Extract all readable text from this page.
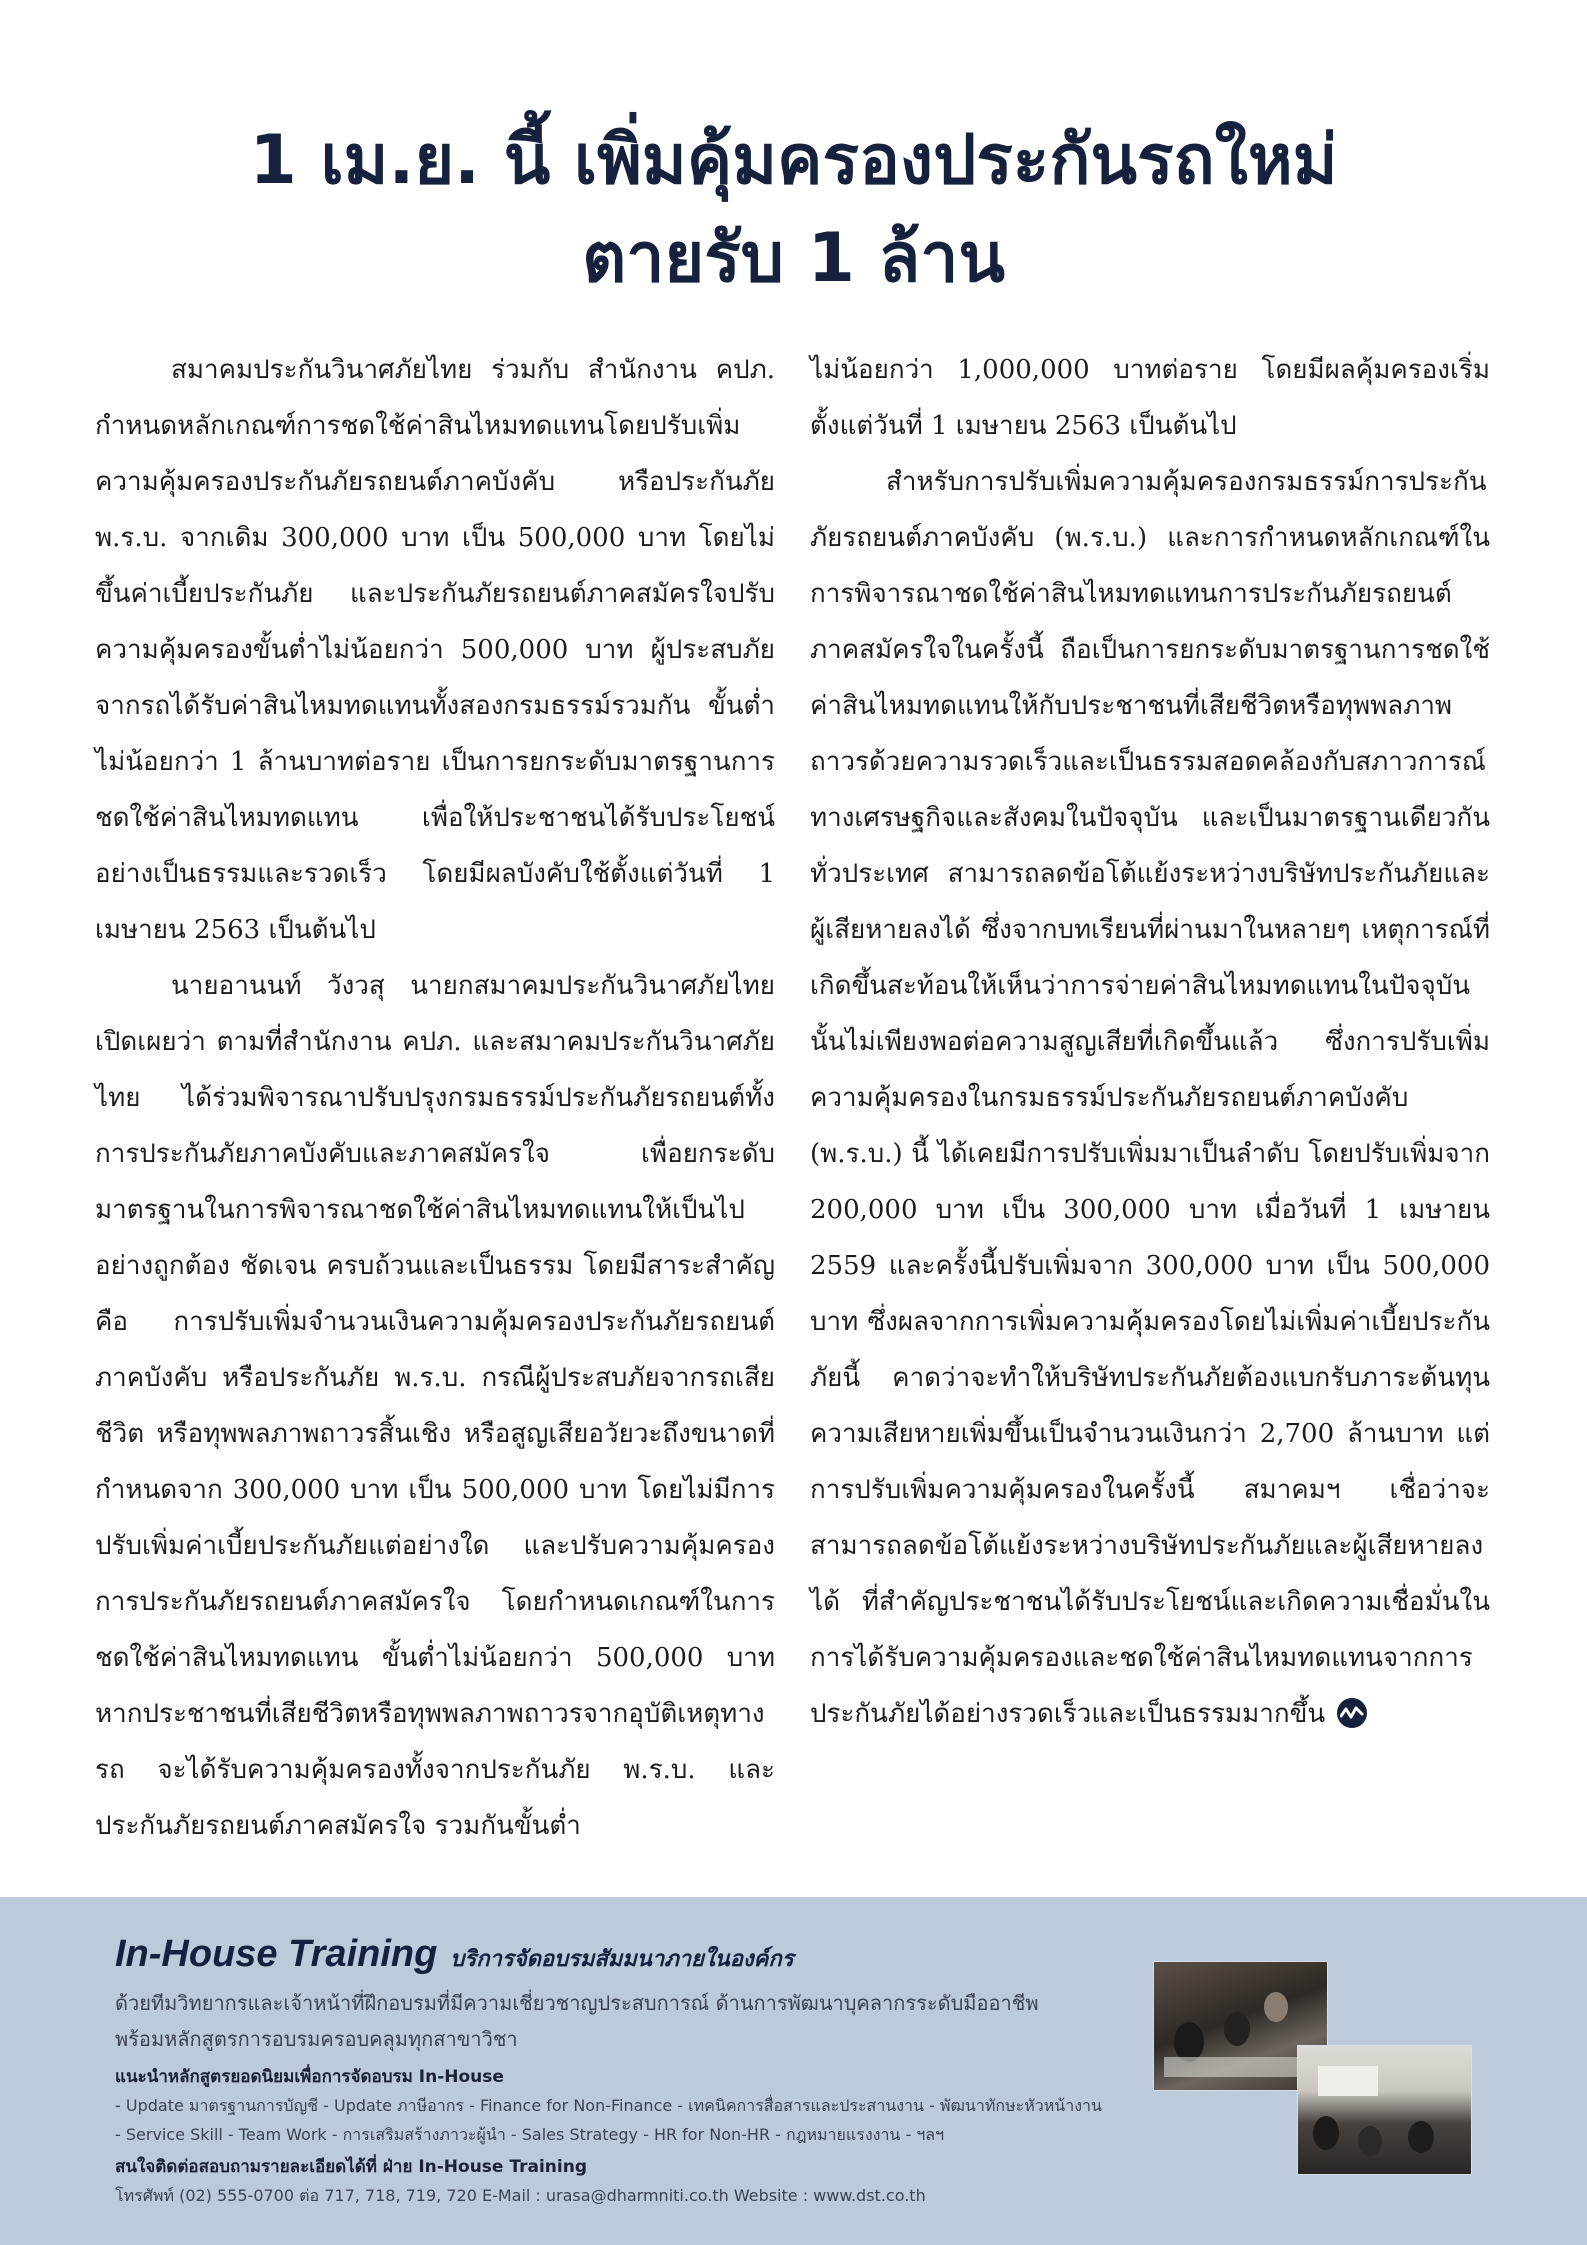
1 เม.ย. นี้ เพิ่มคุ้มครองประกันรถใหม่
ตายรับ 1 ล้าน

สมาคมประกันวินาศภัยไทย ร่วมกับ สำนักงาน คปภ. กำหนดหลักเกณฑ์การชดใช้ค่าสินไหมทดแทนโดยปรับเพิ่มความคุ้มครองประกันภัยรถยนต์ภาคบังคับ หรือประกันภัย พ.ร.บ. จากเดิม 300,000 บาท เป็น 500,000 บาท โดยไม่ขึ้นค่าเบี้ยประกันภัย และประกันภัยรถยนต์ภาคสมัครใจปรับความคุ้มครองขั้นต่ำไม่น้อยกว่า 500,000 บาท ผู้ประสบภัยจากรถได้รับค่าสินไหมทดแทนทั้งสองกรมธรรม์รวมกัน ขั้นต่ำไม่น้อยกว่า 1 ล้านบาทต่อราย เป็นการยกระดับมาตรฐานการชดใช้ค่าสินไหมทดแทน เพื่อให้ประชาชนได้รับประโยชน์อย่างเป็นธรรมและรวดเร็ว โดยมีผลบังคับใช้ตั้งแต่วันที่ 1 เมษายน 2563 เป็นต้นไป

นายอานนท์ วังวสุ นายกสมาคมประกันวินาศภัยไทย เปิดเผยว่า ตามที่สำนักงาน คปภ. และสมาคมประกันวินาศภัยไทย ได้ร่วมพิจารณาปรับปรุงกรมธรรม์ประกันภัยรถยนต์ทั้งการประกันภัยภาคบังคับและภาคสมัครใจ เพื่อยกระดับมาตรฐานในการพิจารณาชดใช้ค่าสินไหมทดแทนให้เป็นไปอย่างถูกต้อง ชัดเจน ครบถ้วนและเป็นธรรม โดยมีสาระสำคัญคือ การปรับเพิ่มจำนวนเงินความคุ้มครองประกันภัยรถยนต์ภาคบังคับ หรือประกันภัย พ.ร.บ. กรณีผู้ประสบภัยจากรถเสียชีวิต หรือทุพพลภาพถาวรสิ้นเชิง หรือสูญเสียอวัยวะถึงขนาดที่กำหนดจาก 300,000 บาท เป็น 500,000 บาท โดยไม่มีการปรับเพิ่มค่าเบี้ยประกันภัยแต่อย่างใด และปรับความคุ้มครองการประกันภัยรถยนต์ภาคสมัครใจ โดยกำหนดเกณฑ์ในการชดใช้ค่าสินไหมทดแทน ขั้นต่ำไม่น้อยกว่า 500,000 บาท หากประชาชนที่เสียชีวิตหรือทุพพลภาพถาวรจากอุบัติเหตุทางรถ จะได้รับความคุ้มครองทั้งจากประกันภัย พ.ร.บ. และประกันภัยรถยนต์ภาคสมัครใจ รวมกันขั้นต่ำ

ไม่น้อยกว่า 1,000,000 บาทต่อราย โดยมีผลคุ้มครองเริ่มตั้งแต่วันที่ 1 เมษายน 2563 เป็นต้นไป

สำหรับการปรับเพิ่มความคุ้มครองกรมธรรม์การประกันภัยรถยนต์ภาคบังคับ (พ.ร.บ.) และการกำหนดหลักเกณฑ์ในการพิจารณาชดใช้ค่าสินไหมทดแทนการประกันภัยรถยนต์ภาคสมัครใจในครั้งนี้ ถือเป็นการยกระดับมาตรฐานการชดใช้ค่าสินไหมทดแทนให้กับประชาชนที่เสียชีวิตหรือทุพพลภาพถาวรด้วยความรวดเร็วและเป็นธรรมสอดคล้องกับสภาวการณ์ทางเศรษฐกิจและสังคมในปัจจุบัน และเป็นมาตรฐานเดียวกันทั่วประเทศ สามารถลดข้อโต้แย้งระหว่างบริษัทประกันภัยและผู้เสียหายลงได้ ซึ่งจากบทเรียนที่ผ่านมาในหลายๆ เหตุการณ์ที่เกิดขึ้นสะท้อนให้เห็นว่าการจ่ายค่าสินไหมทดแทนในปัจจุบันนั้นไม่เพียงพอต่อความสูญเสียที่เกิดขึ้นแล้ว ซึ่งการปรับเพิ่มความคุ้มครองในกรมธรรม์ประกันภัยรถยนต์ภาคบังคับ (พ.ร.บ.) นี้ ได้เคยมีการปรับเพิ่มมาเป็นลำดับ โดยปรับเพิ่มจาก 200,000 บาท เป็น 300,000 บาท เมื่อวันที่ 1 เมษายน 2559 และครั้งนี้ปรับเพิ่มจาก 300,000 บาท เป็น 500,000 บาท ซึ่งผลจากการเพิ่มความคุ้มครองโดยไม่เพิ่มค่าเบี้ยประกันภัยนี้ คาดว่าจะทำให้บริษัทประกันภัยต้องแบกรับภาระต้นทุนความเสียหายเพิ่มขึ้นเป็นจำนวนเงินกว่า 2,700 ล้านบาท แต่การปรับเพิ่มความคุ้มครองในครั้งนี้ สมาคมฯ เชื่อว่าจะสามารถลดข้อโต้แย้งระหว่างบริษัทประกันภัยและผู้เสียหายลงได้ ที่สำคัญประชาชนได้รับประโยชน์และเกิดความเชื่อมั่นในการได้รับความคุ้มครองและชดใช้ค่าสินไหมทดแทนจากการประกันภัยได้อย่างรวดเร็วและเป็นธรรมมากขึ้น

In-House Training บริการจัดอบรมสัมมนาภายในองค์กร
ด้วยทีมวิทยากรและเจ้าหน้าที่ฝึกอบรมที่มีความเชี่ยวชาญประสบการณ์ ด้านการพัฒนาบุคลากรระดับมืออาชีพ
พร้อมหลักสูตรการอบรมครอบคลุมทุกสาขาวิชา
แนะนำหลักสูตรยอดนิยมเพื่อการจัดอบรม In-House
- Update มาตรฐานการบัญชี - Update ภาษีอากร - Finance for Non-Finance - เทคนิคการสื่อสารและประสานงาน - พัฒนาทักษะหัวหน้างาน
- Service Skill - Team Work - การเสริมสร้างภาวะผู้นำ - Sales Strategy - HR for Non-HR - กฎหมายแรงงาน - ฯลฯ
สนใจติดต่อสอบถามรายละเอียดได้ที่ ฝ่าย In-House Training
โทรศัพท์ (02) 555-0700 ต่อ 717, 718, 719, 720 E-Mail : urasa@dharmniti.co.th Website : www.dst.co.th
